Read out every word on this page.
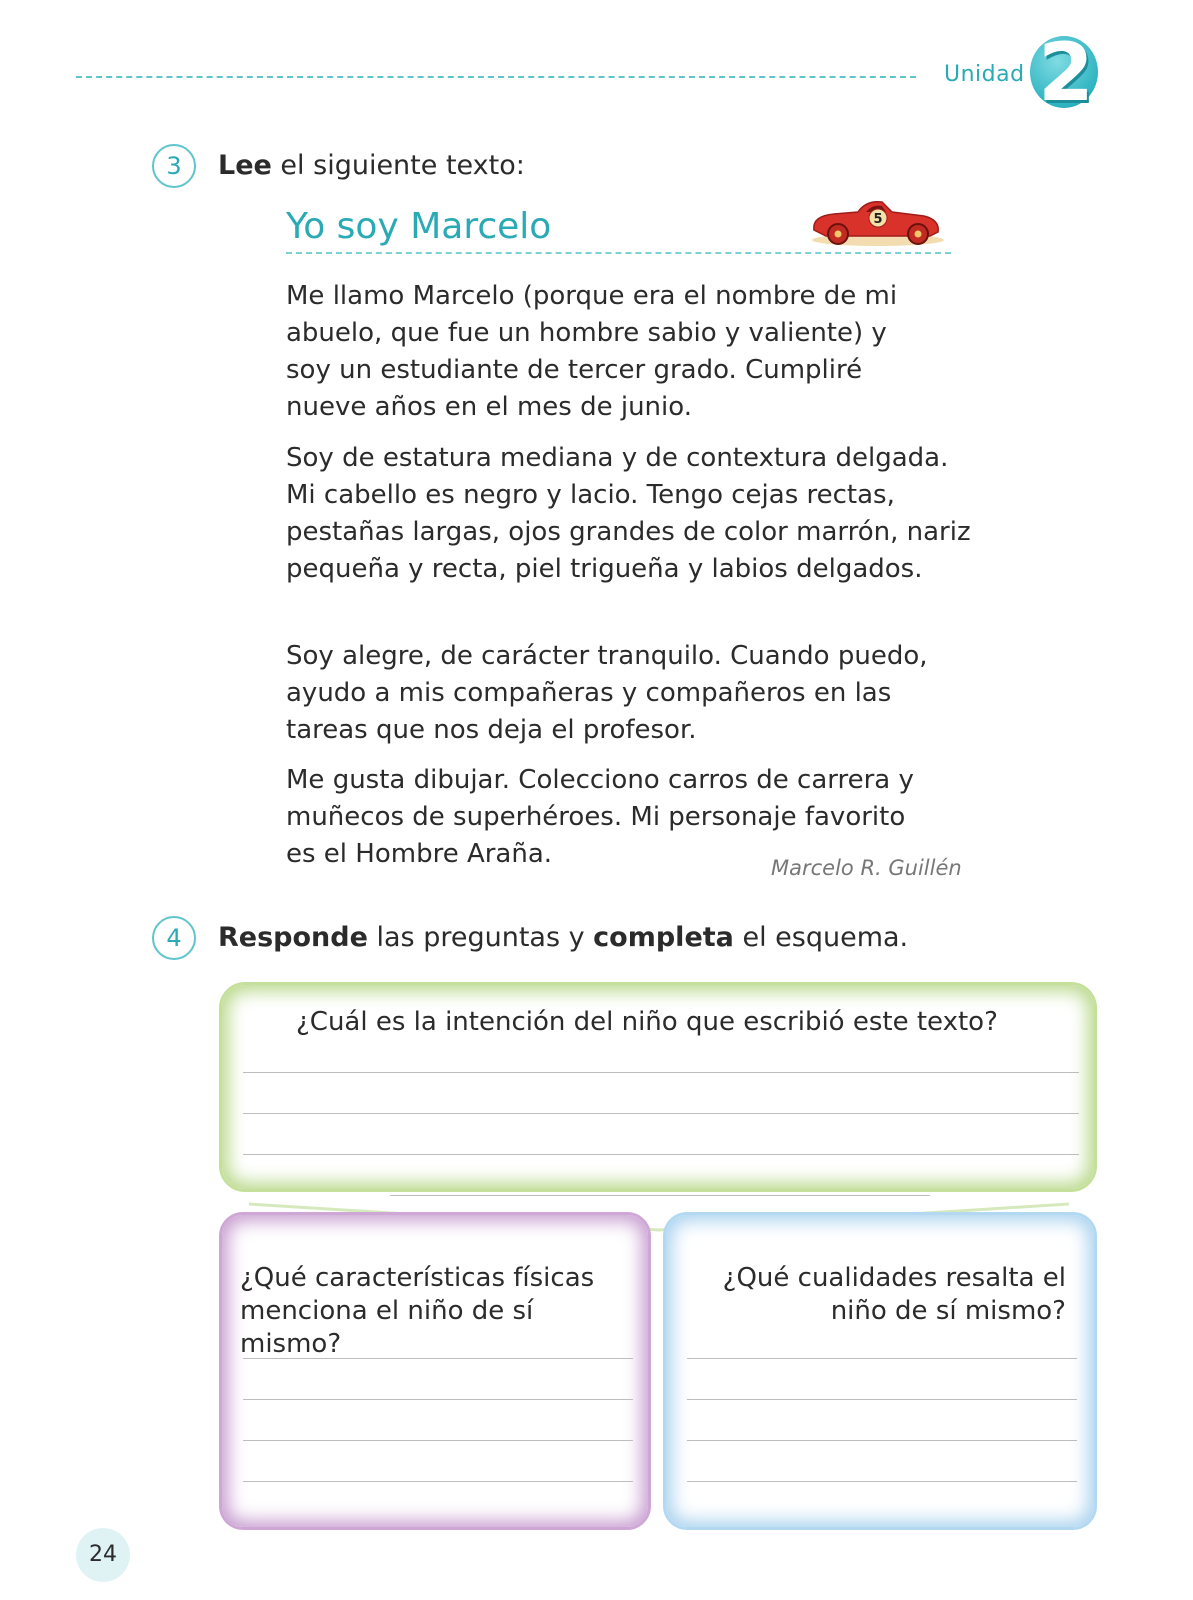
Unidad 2
3	Lee el siguiente texto:
Yo soy Marcelo	5
Me llamo Marcelo (porque era el nombre de mi abuelo, que fue un hombre sabio y valiente) y soy un estudiante de tercer grado. Cumpliré nueve años en el mes de junio.
Soy de estatura mediana y de contextura delgada. Mi cabello es negro y lacio. Tengo cejas rectas, pestañas largas, ojos grandes de color marrón, nariz pequeña y recta, piel trigueña y labios delgados.
Soy alegre, de carácter tranquilo. Cuando puedo, ayudo a mis compañeras y compañeros en las tareas que nos deja el profesor.
Me gusta dibujar. Colecciono carros de carrera y muñecos de superhéroes. Mi personaje favorito es el Hombre Araña.	Marcelo R. Guillén
4	Responde las preguntas y completa el esquema.
¿Cuál es la intención del niño que escribió este texto?
¿Qué características físicas menciona el niño de sí mismo?
¿Qué cualidades resalta el niño de sí mismo?
24
